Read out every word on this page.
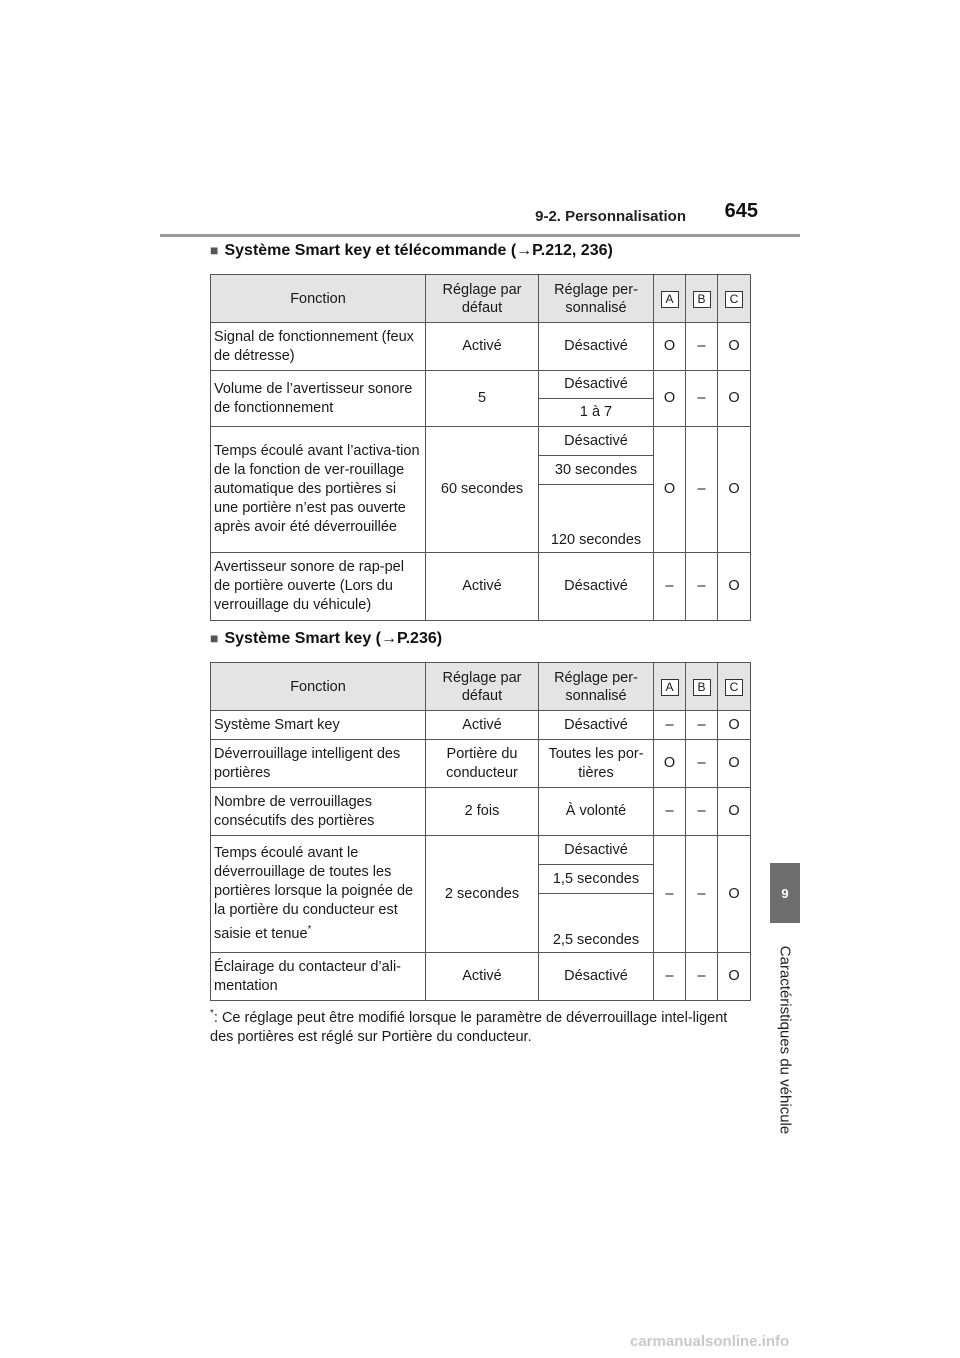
9-2. Personnalisation 645
9
Caractéristiques du véhicule
■ Système Smart key et télécommande (→P.212, 236)
Fonction	Réglage par défaut	Réglage per-sonnalisé	A	B	C
Signal de fonctionnement (feux de détresse)	Activé	Désactivé	O	–	O
Volume de l’avertisseur sonore de fonctionnement	5	Désactivé	O	–	O
		1 à 7			
Temps écoulé avant l’activa-tion de la fonction de ver-rouillage automatique des portières si une portière n’est pas ouverte après avoir été déverrouillée	60 secondes	Désactivé	O	–	O
		30 secondes			
		120 secondes			
Avertisseur sonore de rap-pel de portière ouverte (Lors du verrouillage du véhicule)	Activé	Désactivé	–	–	O
■ Système Smart key (→P.236)
Fonction	Réglage par défaut	Réglage per-sonnalisé	A	B	C
Système Smart key	Activé	Désactivé	–	–	O
Déverrouillage intelligent des portières	Portière du conducteur	Toutes les por-tières	O	–	O
Nombre de verrouillages consécutifs des portières	2 fois	À volonté	–	–	O
Temps écoulé avant le déverrouillage de toutes les portières lorsque la poignée de la portière du conducteur est saisie et tenue*	2 secondes	Désactivé	–	–	O
		1,5 secondes			
		2,5 secondes			
Éclairage du contacteur d’ali-mentation	Activé	Désactivé	–	–	O
*: Ce réglage peut être modifié lorsque le paramètre de déverrouillage intel-ligent des portières est réglé sur Portière du conducteur.
carmanualsonline.info
